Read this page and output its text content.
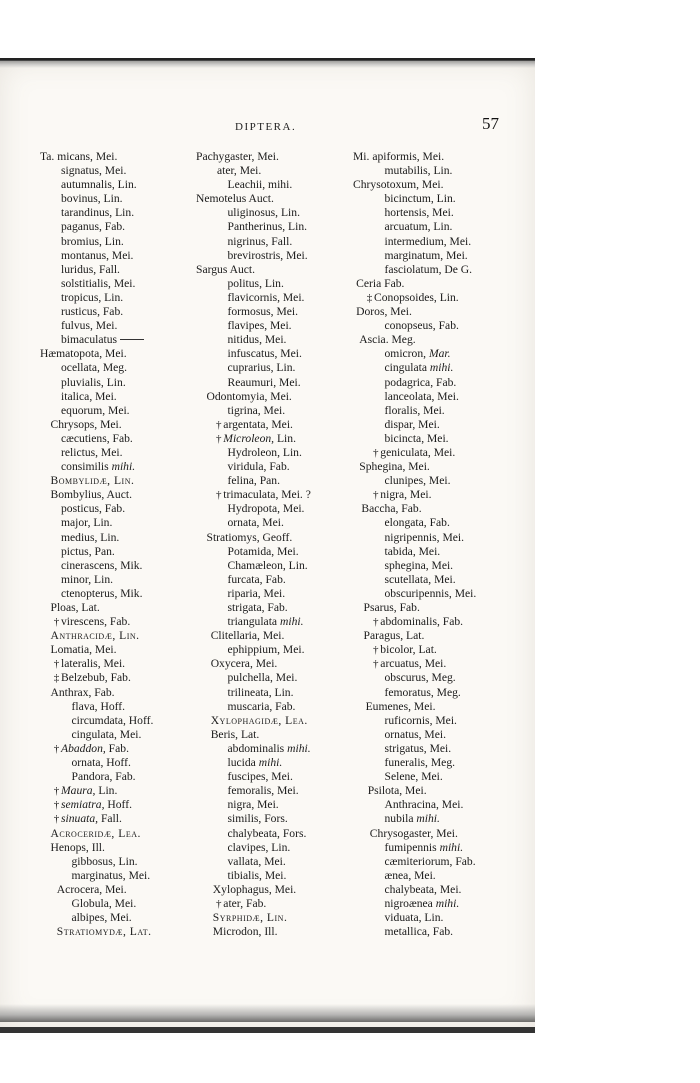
DIPTERA.	57
Ta. micans, Mei.
signatus, Mei.
autumnalis, Lin.
bovinus, Lin.
tarandinus, Lin.
paganus, Fab.
bromius, Lin.
montanus, Mei.
luridus, Fall.
solstitialis, Mei.
tropicus, Lin.
rusticus, Fab.
fulvus, Mei.
bimaculatus
Hæmatopota, Mei.
ocellata, Meg.
pluvialis, Lin.
italica, Mei.
equorum, Mei.
Chrysops, Mei.
cæcutiens, Fab.
relictus, Mei.
consimilis
mihi.
Bombylidæ, Lin.
Bombylius, Auct.
posticus, Fab.
major, Lin.
medius, Lin.
pictus, Pan.
cinerascens, Mik.
minor, Lin.
ctenopterus, Mik.
Ploas, Lat.
† virescens, Fab.
Anthracidæ, Lin.
Lomatia, Mei.
† lateralis, Mei.
‡ Belzebub, Fab.
Anthrax, Fab.
flava, Hoff.
circumdata, Hoff.
cingulata, Mei.
† Abaddon,
Fab.
ornata, Hoff.
Pandora, Fab.
† Maura,
Lin.
† semiatra,
Hoff.
† sinuata,
Fall.
Acroceridæ, Lea.
Henops, Ill.
gibbosus, Lin.
marginatus, Mei.
Acrocera, Mei.
Globula, Mei.
albipes, Mei.
Stratiomydæ, Lat.
Pachygaster, Mei.
ater, Mei.
Leachii, mihi.
Nemotelus Auct.
uliginosus, Lin.
Pantherinus, Lin.
nigrinus, Fall.
brevirostris, Mei.
Sargus Auct.
politus, Lin.
flavicornis, Mei.
formosus, Mei.
flavipes, Mei.
nitidus, Mei.
infuscatus, Mei.
cuprarius, Lin.
Reaumuri, Mei.
Odontomyia, Mei.
tigrina, Mei.
† argentata, Mei.
† Microleon,
Lin.
Hydroleon, Lin.
viridula, Fab.
felina, Pan.
† trimaculata, Mei. ?
Hydropota, Mei.
ornata, Mei.
Stratiomys, Geoff.
Potamida, Mei.
Chamæleon, Lin.
furcata, Fab.
riparia, Mei.
strigata, Fab.
triangulata
mihi.
Clitellaria, Mei.
ephippium, Mei.
Oxycera, Mei.
pulchella, Mei.
trilineata, Lin.
muscaria, Fab.
Xylophagidæ, Lea.
Beris, Lat.
abdominalis
mihi.
lucida
mihi.
fuscipes, Mei.
femoralis, Mei.
nigra, Mei.
similis, Fors.
chalybeata, Fors.
clavipes, Lin.
vallata, Mei.
tibialis, Mei.
Xylophagus, Mei.
† ater, Fab.
Syrphidæ, Lin.
Microdon, Ill.
Mi. apiformis, Mei.
mutabilis, Lin.
Chrysotoxum, Mei.
bicinctum, Lin.
hortensis, Mei.
arcuatum, Lin.
intermedium, Mei.
marginatum, Mei.
fasciolatum, De G.
Ceria Fab.
‡ Conopsoides, Lin.
Doros, Mei.
conopseus, Fab.
Ascia. Meg.
omicron,
Mar.
cingulata
mihi.
podagrica, Fab.
lanceolata, Mei.
floralis, Mei.
dispar, Mei.
bicincta, Mei.
† geniculata, Mei.
Sphegina, Mei.
clunipes, Mei.
† nigra, Mei.
Baccha, Fab.
elongata, Fab.
nigripennis, Mei.
tabida, Mei.
sphegina, Mei.
scutellata, Mei.
obscuripennis, Mei.
Psarus, Fab.
† abdominalis, Fab.
Paragus, Lat.
† bicolor, Lat.
† arcuatus, Mei.
obscurus, Meg.
femoratus, Meg.
Eumenes, Mei.
ruficornis, Mei.
ornatus, Mei.
strigatus, Mei.
funeralis, Meg.
Selene, Mei.
Psilota, Mei.
Anthracina, Mei.
nubila
mihi.
Chrysogaster, Mei.
fumipennis
mihi.
cæmiteriorum, Fab.
ænea, Mei.
chalybeata, Mei.
nigroænea
mihi.
viduata, Lin.
metallica, Fab.
